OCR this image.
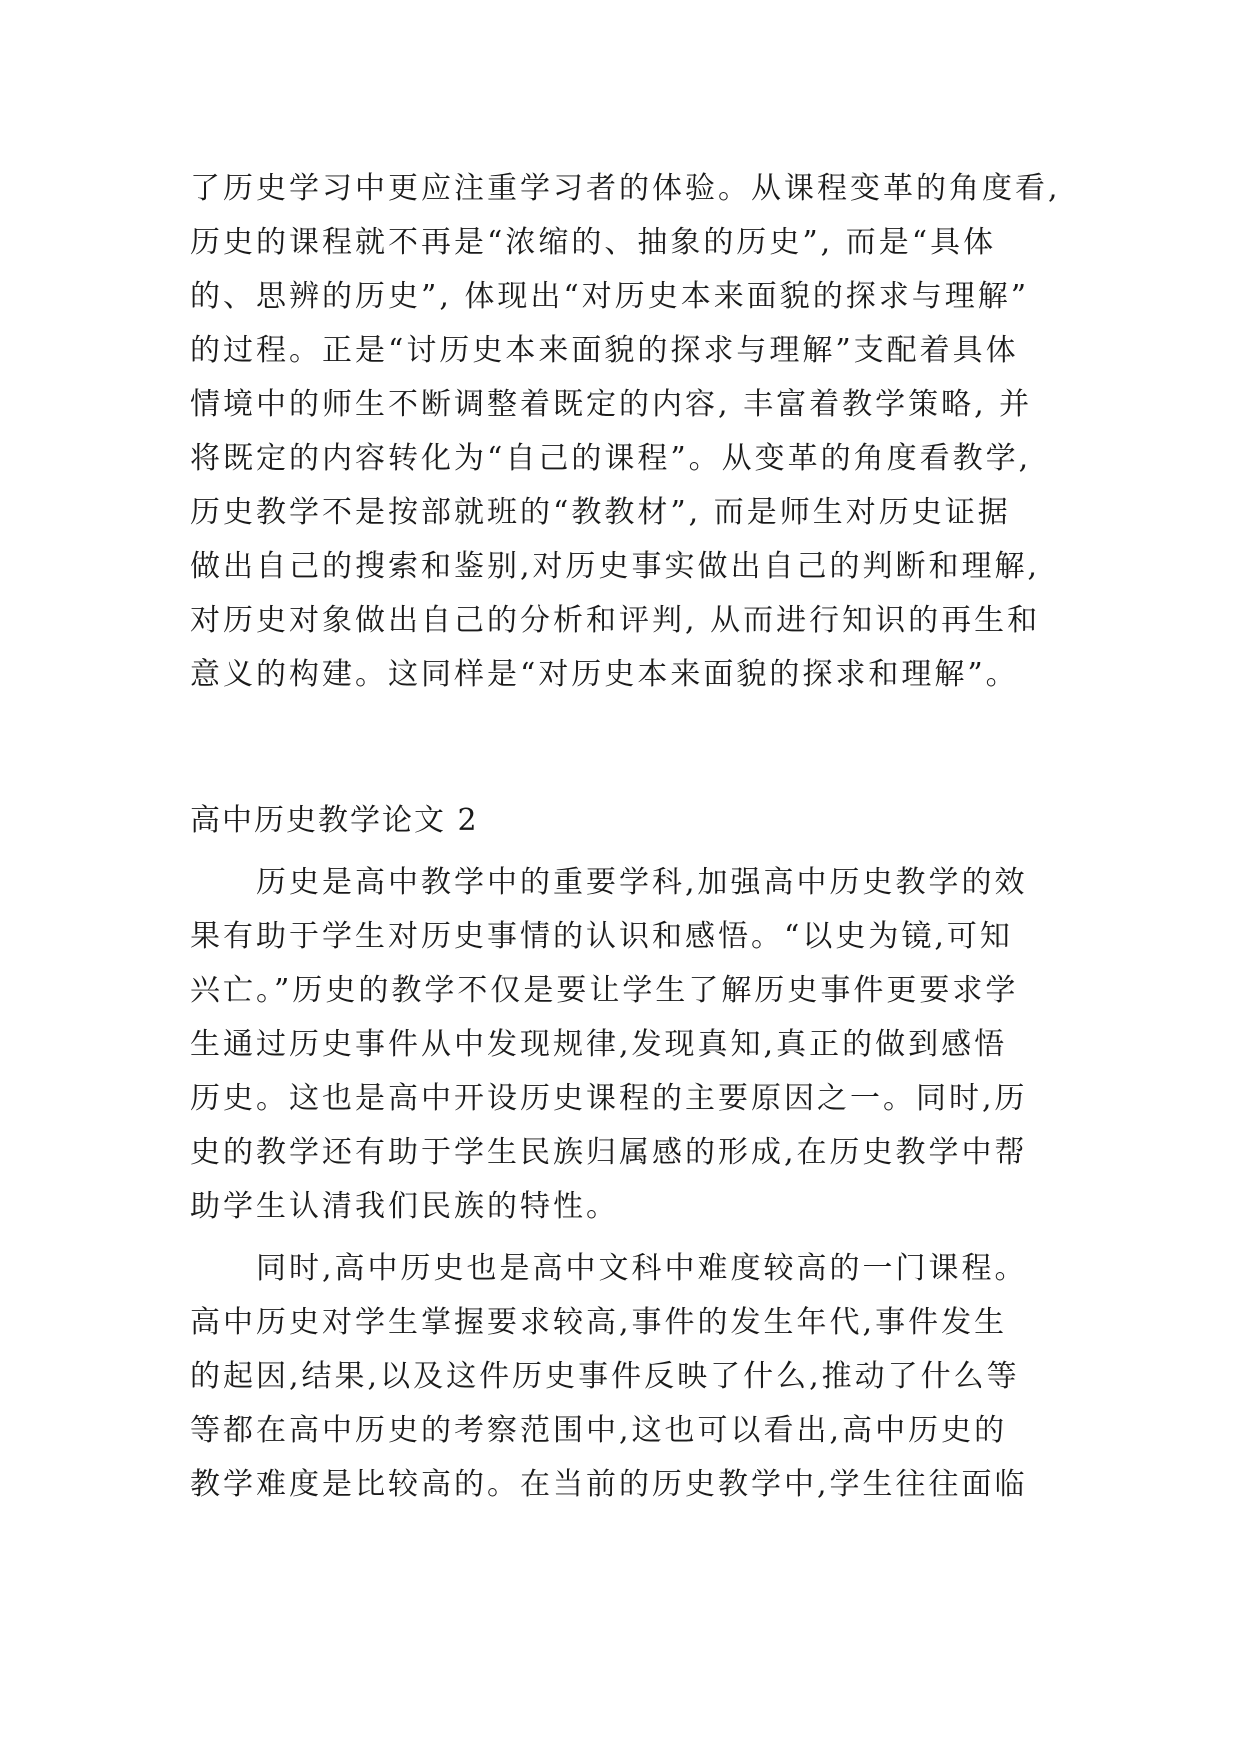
了历史学习中更应注重学习者的体验。从课程变革的角度看,
历史的课程就不再是“浓缩的、抽象的历史”, 而是“具体
的、思辨的历史”, 体现出“对历史本来面貌的探求与理解”
的过程。正是“讨历史本来面貌的探求与理解”支配着具体
情境中的师生不断调整着既定的内容, 丰富着教学策略, 并
将既定的内容转化为“自己的课程”。从变革的角度看教学,
历史教学不是按部就班的“教教材”, 而是师生对历史证据
做出自己的搜索和鉴别,对历史事实做出自己的判断和理解,
对历史对象做出自己的分析和评判, 从而进行知识的再生和
意义的构建。这同样是“对历史本来面貌的探求和理解”。
高中历史教学论文 2
历史是高中教学中的重要学科,加强高中历史教学的效
果有助于学生对历史事情的认识和感悟。“以史为镜,可知
兴亡。”历史的教学不仅是要让学生了解历史事件更要求学
生通过历史事件从中发现规律,发现真知,真正的做到感悟
历史。这也是高中开设历史课程的主要原因之一。同时,历
史的教学还有助于学生民族归属感的形成,在历史教学中帮
助学生认清我们民族的特性。
同时,高中历史也是高中文科中难度较高的一门课程。
高中历史对学生掌握要求较高,事件的发生年代,事件发生
的起因,结果,以及这件历史事件反映了什么,推动了什么等
等都在高中历史的考察范围中,这也可以看出,高中历史的
教学难度是比较高的。在当前的历史教学中,学生往往面临
